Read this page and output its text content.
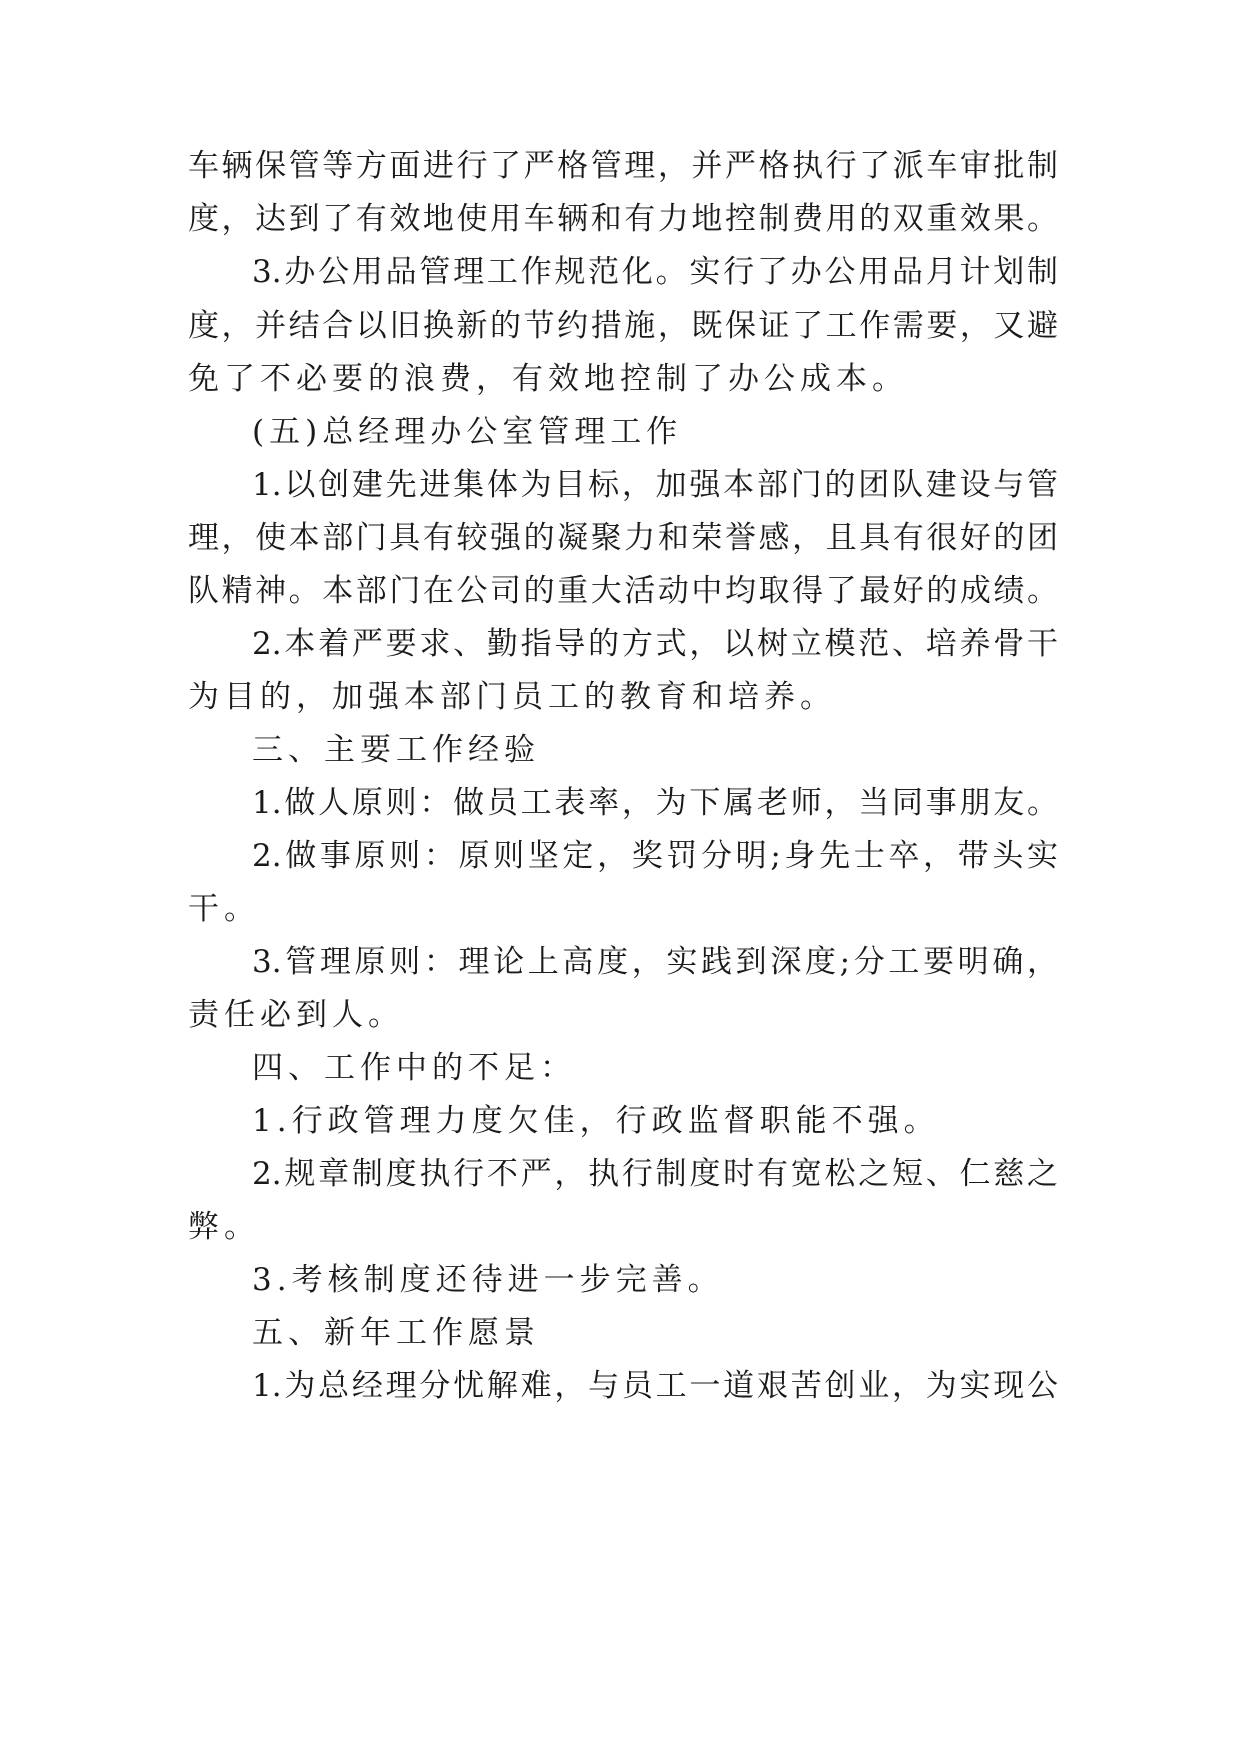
车辆保管等方面进行了严格管理，并严格执行了派车审批制
度，达到了有效地使用车辆和有力地控制费用的双重效果。
3.办公用品管理工作规范化。实行了办公用品月计划制
度，并结合以旧换新的节约措施，既保证了工作需要，又避
免了不必要的浪费，有效地控制了办公成本。
(五)总经理办公室管理工作
1.以创建先进集体为目标，加强本部门的团队建设与管
理，使本部门具有较强的凝聚力和荣誉感，且具有很好的团
队精神。本部门在公司的重大活动中均取得了最好的成绩。
2.本着严要求、勤指导的方式，以树立模范、培养骨干
为目的，加强本部门员工的教育和培养。
三、主要工作经验
1.做人原则：做员工表率，为下属老师，当同事朋友。
2.做事原则：原则坚定，奖罚分明;身先士卒，带头实
干。
3.管理原则：理论上高度，实践到深度;分工要明确，
责任必到人。
四、工作中的不足：
1.行政管理力度欠佳，行政监督职能不强。
2.规章制度执行不严，执行制度时有宽松之短、仁慈之
弊。
3.考核制度还待进一步完善。
五、新年工作愿景
1.为总经理分忧解难，与员工一道艰苦创业，为实现公
